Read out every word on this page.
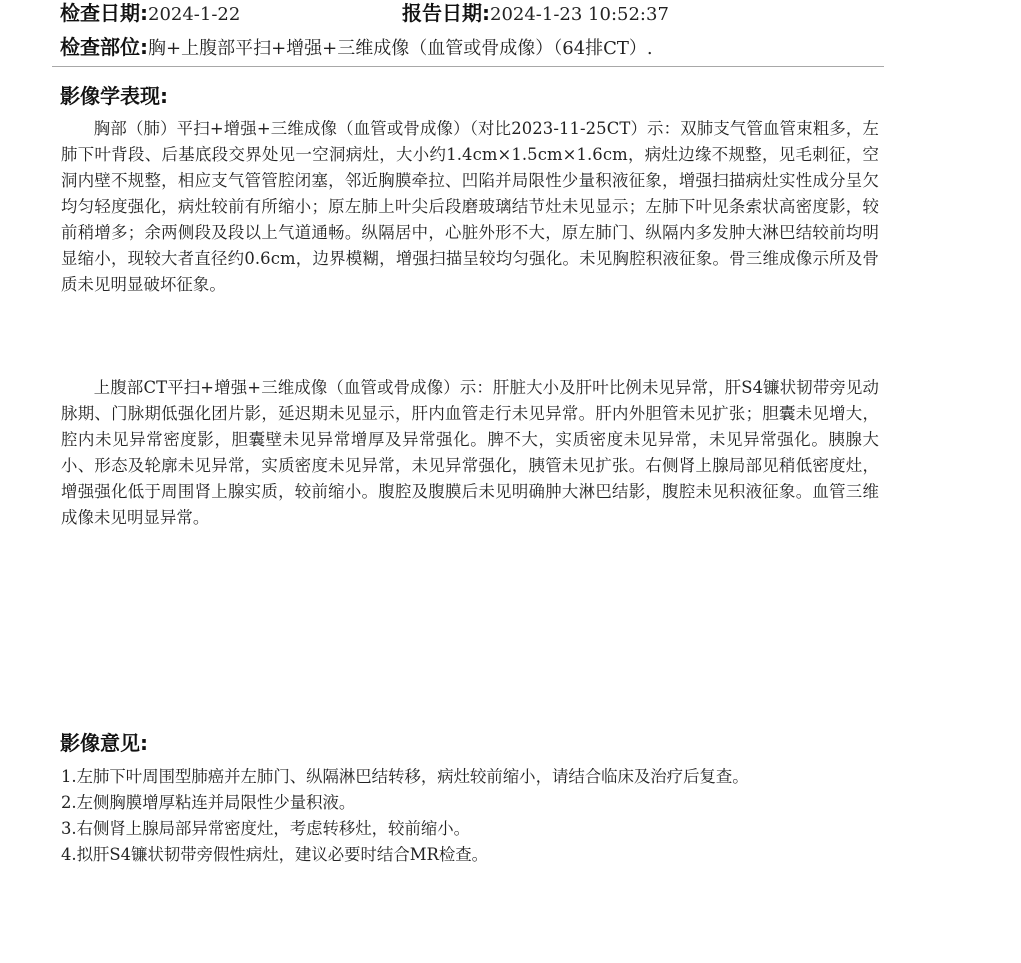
检查日期:2024-1-22	报告日期:2024-1-23 10:52:37
检查部位:胸+上腹部平扫+增强+三维成像（血管或骨成像）（64排CT）.
影像学表现:
胸部（肺）平扫+增强+三维成像（血管或骨成像）（对比2023-11-25CT）示：双肺支气管血管束粗多，左肺下叶背段、后基底段交界处见一空洞病灶，大小约1.4cm×1.5cm×1.6cm，病灶边缘不规整，见毛刺征，空洞内壁不规整，相应支气管管腔闭塞，邻近胸膜牵拉、凹陷并局限性少量积液征象，增强扫描病灶实性成分呈欠均匀轻度强化，病灶较前有所缩小；原左肺上叶尖后段磨玻璃结节灶未见显示；左肺下叶见条索状高密度影，较前稍增多；余两侧段及段以上气道通畅。纵隔居中，心脏外形不大，原左肺门、纵隔内多发肿大淋巴结较前均明显缩小，现较大者直径约0.6cm，边界模糊，增强扫描呈较均匀强化。未见胸腔积液征象。骨三维成像示所及骨质未见明显破坏征象。
上腹部CT平扫+增强+三维成像（血管或骨成像）示：肝脏大小及肝叶比例未见异常，肝S4镰状韧带旁见动脉期、门脉期低强化团片影，延迟期未见显示，肝内血管走行未见异常。肝内外胆管未见扩张；胆囊未见增大，腔内未见异常密度影，胆囊壁未见异常增厚及异常强化。脾不大，实质密度未见异常，未见异常强化。胰腺大小、形态及轮廓未见异常，实质密度未见异常，未见异常强化，胰管未见扩张。右侧肾上腺局部见稍低密度灶，增强强化低于周围肾上腺实质，较前缩小。腹腔及腹膜后未见明确肿大淋巴结影，腹腔未见积液征象。血管三维成像未见明显异常。
影像意见:
1.左肺下叶周围型肺癌并左肺门、纵隔淋巴结转移，病灶较前缩小，请结合临床及治疗后复查。
2.左侧胸膜增厚粘连并局限性少量积液。
3.右侧肾上腺局部异常密度灶，考虑转移灶，较前缩小。
4.拟肝S4镰状韧带旁假性病灶，建议必要时结合MR检查。
